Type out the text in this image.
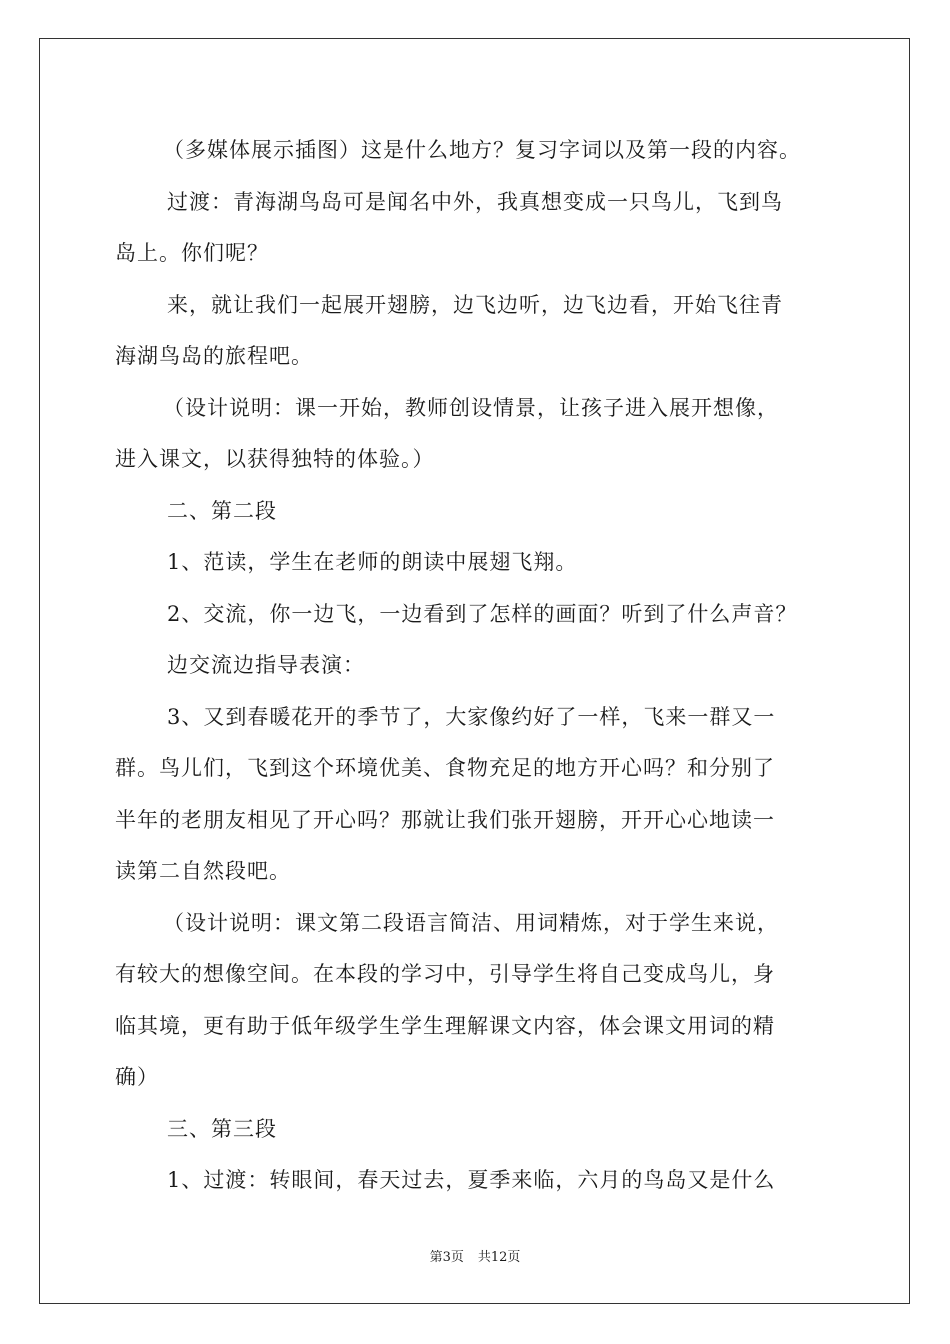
（多媒体展示插图）这是什么地方？复习字词以及第一段的内容。

过渡：青海湖鸟岛可是闻名中外，我真想变成一只鸟儿，飞到鸟

岛上。你们呢？

来，就让我们一起展开翅膀，边飞边听，边飞边看，开始飞往青

海湖鸟岛的旅程吧。

（设计说明：课一开始，教师创设情景，让孩子进入展开想像，

进入课文，以获得独特的体验。）

二、第二段

1、范读，学生在老师的朗读中展翅飞翔。

2、交流，你一边飞，一边看到了怎样的画面？听到了什么声音？

边交流边指导表演：

3、又到春暖花开的季节了，大家像约好了一样，飞来一群又一

群。鸟儿们，飞到这个环境优美、食物充足的地方开心吗？和分别了

半年的老朋友相见了开心吗？那就让我们张开翅膀，开开心心地读一

读第二自然段吧。

（设计说明：课文第二段语言简洁、用词精炼，对于学生来说，

有较大的想像空间。在本段的学习中，引导学生将自己变成鸟儿，身

临其境，更有助于低年级学生学生理解课文内容，体会课文用词的精

确）

三、第三段

1、过渡：转眼间，春天过去，夏季来临，六月的鸟岛又是什么

第3页 共12页
